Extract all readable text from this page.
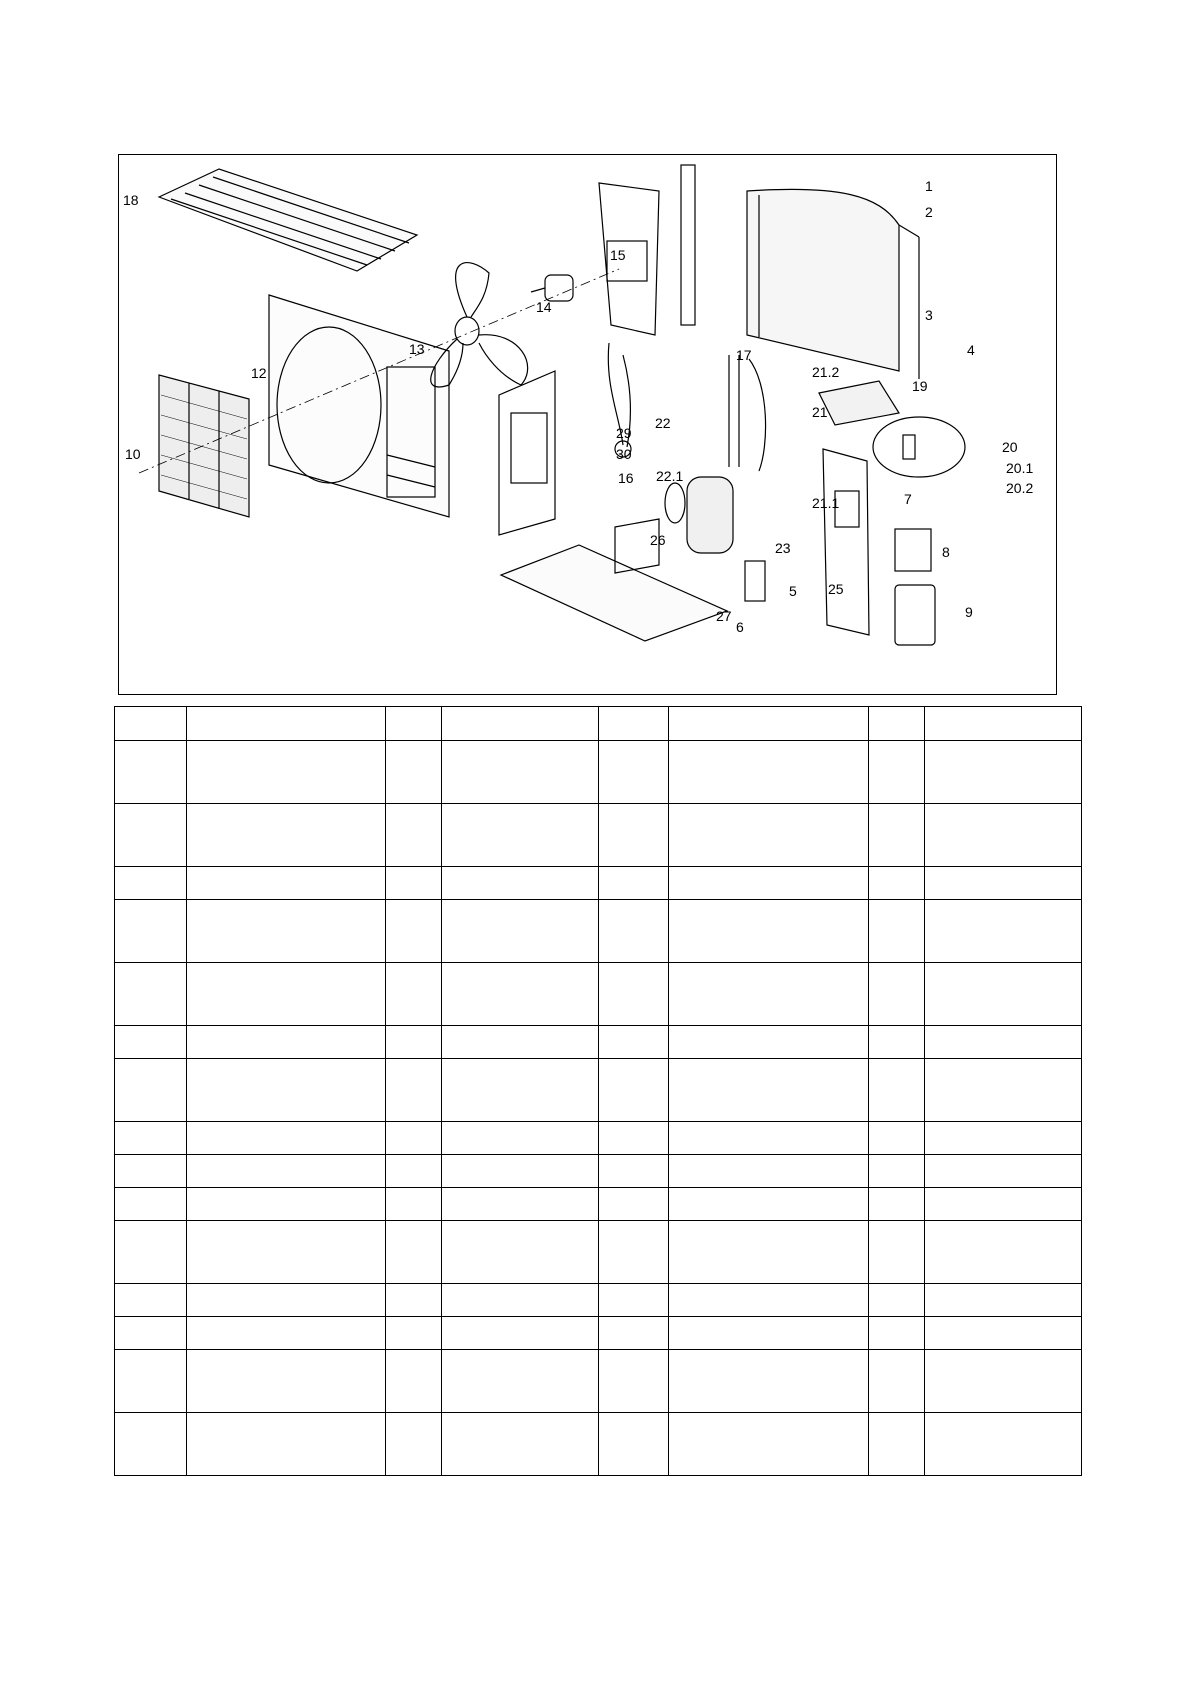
1
2
3
4
5
6
7
8
9
10
12
13
14
15
16
17
18
19
20
20.1
20.2
21
21.1
21.2
22
22.1
23
25
26
27
29
30
